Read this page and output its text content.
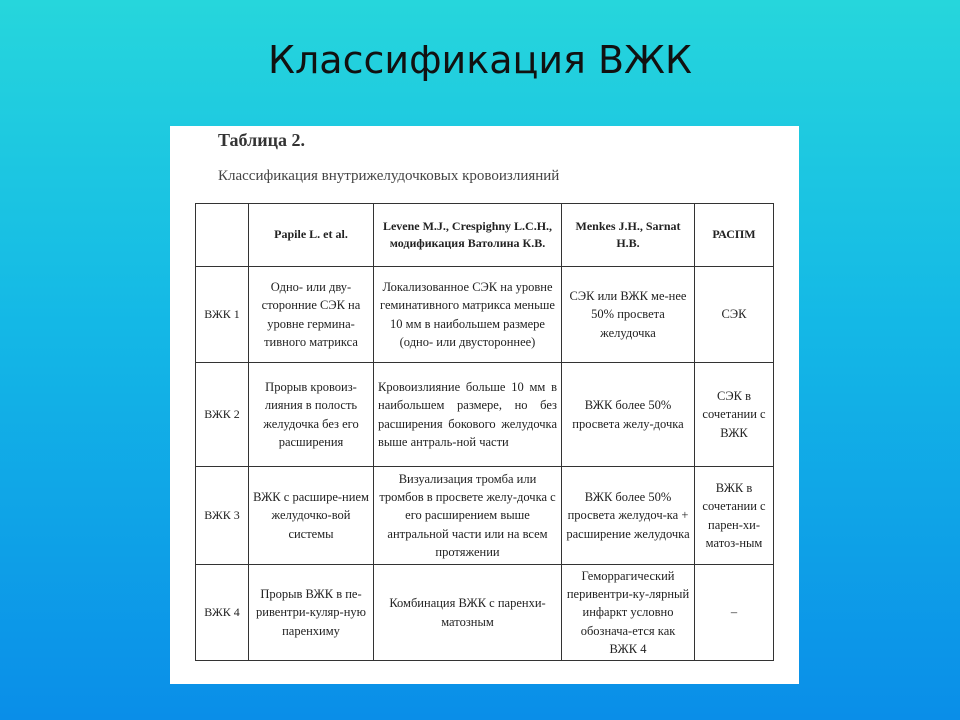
Классификация ВЖК
Таблица 2.
Классификация внутрижелудочковых кровоизлияний
	Papile L. et al.	Levene M.J., Crespighny L.C.H., модификация Ватолина К.В.	Menkes J.H., Sarnat H.B.	РАСПМ
ВЖК 1	Одно- или дву-сторонние СЭК на уровне гермина-тивного матрикса	Локализованное СЭК на уровне геминативного матрикса меньше 10 мм в наибольшем размере (одно- или двустороннее)	СЭК или ВЖК ме-нее 50% просвета желудочка	СЭК
ВЖК 2	Прорыв кровоиз-лияния в полость желудочка без его расширения	Кровоизлияние больше 10 мм в наибольшем размере, но без расширения бокового желудочка выше антраль-ной части	ВЖК более 50% просвета желу-дочка	СЭК в сочетании с ВЖК
ВЖК 3	ВЖК с расшире-нием желудочко-вой системы	Визуализация тромба или тромбов в просвете желу-дочка с его расширением выше антральной части или на всем протяжении	ВЖК более 50% просвета желудоч-ка + расширение желудочка	ВЖК в сочетании с парен-хи-матоз-ным
ВЖК 4	Прорыв ВЖК в пе-ривентри-куляр-ную паренхиму	Комбинация ВЖК с паренхи-матозным	Геморрагический перивентри-ку-лярный инфаркт условно обознача-ется как ВЖК 4	–
